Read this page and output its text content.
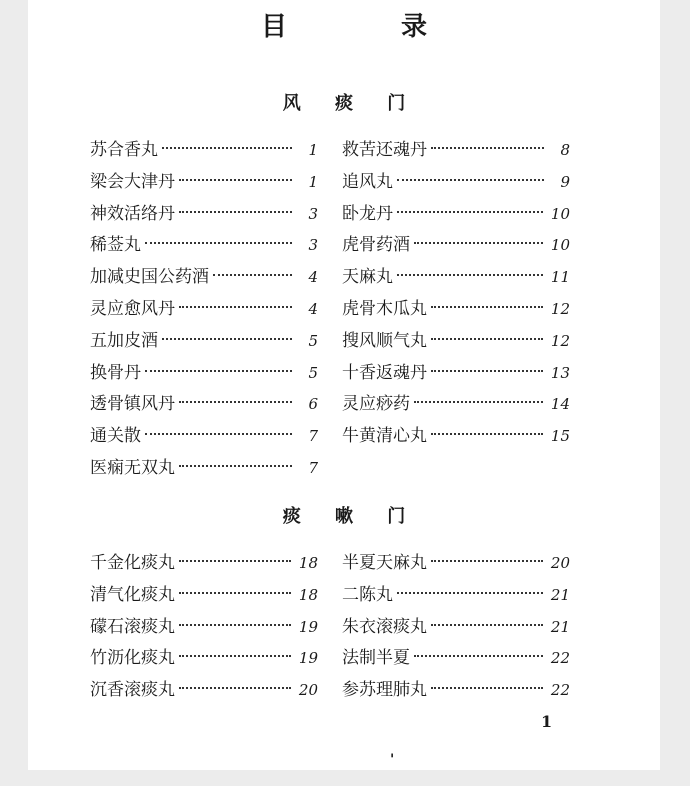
目　录
风 痰 门
苏合香丸	1
梁会大津丹	1
神效活络丹	3
稀莶丸	3
加减史国公药酒	4
灵应愈风丹	4
五加皮酒	5
换骨丹	5
透骨镇风丹	6
通关散	7
医痫无双丸	7
救苦还魂丹	8
追风丸	9
卧龙丹	10
虎骨药酒	10
天麻丸	11
虎骨木瓜丸	12
搜风顺气丸	12
十香返魂丹	13
灵应痧药	14
牛黄清心丸	15
痰 嗽 门
千金化痰丸	18
清气化痰丸	18
礞石滚痰丸	19
竹沥化痰丸	19
沉香滚痰丸	20
半夏天麻丸	20
二陈丸	21
朱衣滚痰丸	21
法制半夏	22
参苏理肺丸	22
1
'
